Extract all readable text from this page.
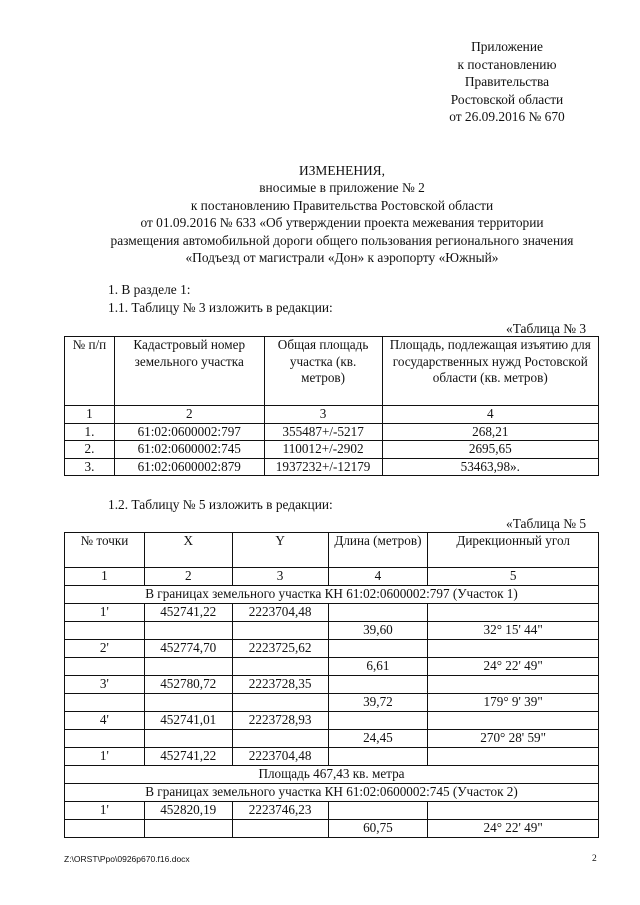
Приложение
к постановлению
Правительства
Ростовской области
от 26.09.2016 № 670
ИЗМЕНЕНИЯ,
вносимые в приложение № 2
к постановлению Правительства Ростовской области
от 01.09.2016 № 633 «Об утверждении проекта межевания территории
размещения автомобильной дороги общего пользования регионального значения
«Подъезд от магистрали «Дон» к аэропорту «Южный»
1. В разделе 1:
1.1. Таблицу № 3 изложить в редакции:
«Таблица № 3
№ п/п	Кадастровый номер земельного участка	Общая площадь участка (кв. метров)	Площадь, подлежащая изъятию для государственных нужд Ростовской области (кв. метров)
1	2	3	4
1.	61:02:0600002:797	355487+/-5217	268,21
2.	61:02:0600002:745	110012+/-2902	2695,65
3.	61:02:0600002:879	1937232+/-12179	53463,98».
1.2. Таблицу № 5 изложить в редакции:
«Таблица № 5
№ точки	X	Y	Длина (метров)	Дирекционный угол
1	2	3	4	5
В границах земельного участка КН 61:02:0600002:797 (Участок 1)				
1'	452741,22	2223704,48		
			39,60	32° 15' 44"
2'	452774,70	2223725,62		
			6,61	24° 22' 49"
3'	452780,72	2223728,35		
			39,72	179° 9' 39"
4'	452741,01	2223728,93		
			24,45	270° 28' 59"
1'	452741,22	2223704,48		
Площадь 467,43 кв. метра				
В границах земельного участка КН 61:02:0600002:745 (Участок 2)				
1'	452820,19	2223746,23		
			60,75	24° 22' 49"
Z:\ORST\Ppo\0926p670.f16.docx	2
